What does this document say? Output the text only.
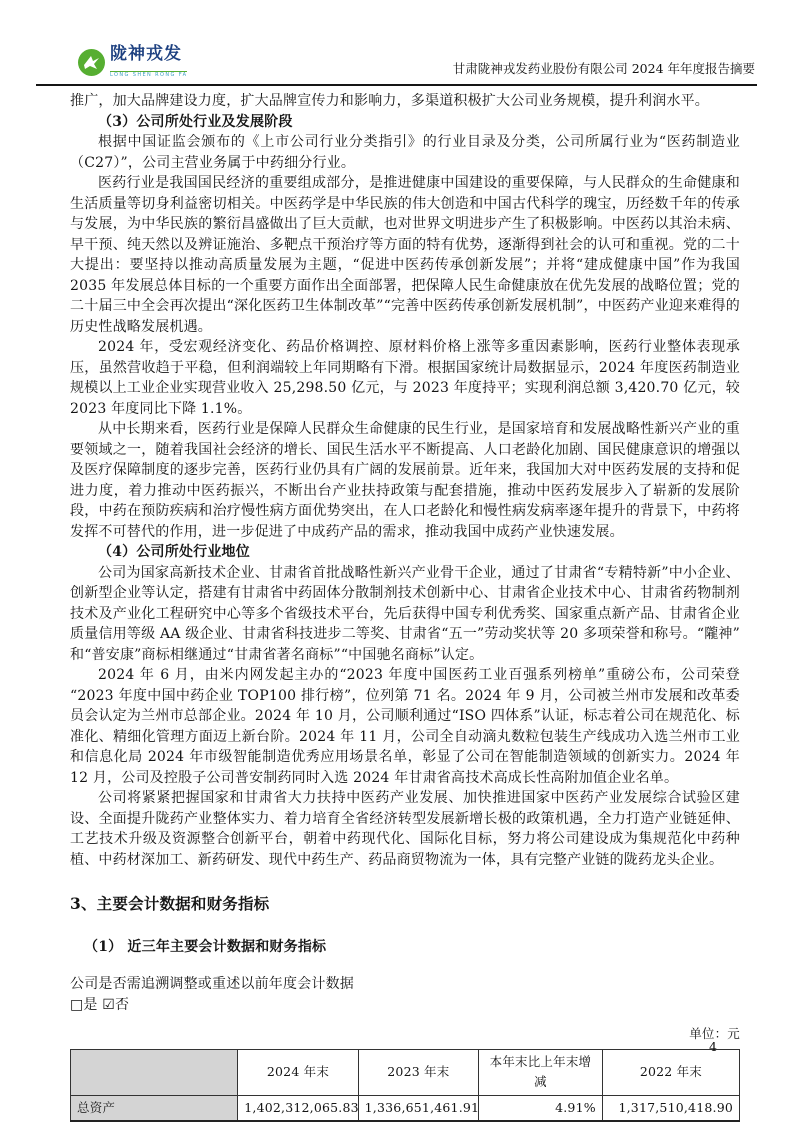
陇神戎发
LONG SHEN RONG FA	甘肃陇神戎发药业股份有限公司 2024 年年度报告摘要

推广，加大品牌建设力度，扩大品牌宣传力和影响力，多渠道积极扩大公司业务规模，提升利润水平。

（3）公司所处行业及发展阶段

根据中国证监会颁布的《上市公司行业分类指引》的行业目录及分类，公司所属行业为“医药制造业（C27）”，公司主营业务属于中药细分行业。

医药行业是我国国民经济的重要组成部分，是推进健康中国建设的重要保障，与人民群众的生命健康和生活质量等切身利益密切相关。中医药学是中华民族的伟大创造和中国古代科学的瑰宝，历经数千年的传承与发展，为中华民族的繁衍昌盛做出了巨大贡献，也对世界文明进步产生了积极影响。中医药以其治未病、早干预、纯天然以及辨证施治、多靶点干预治疗等方面的特有优势，逐渐得到社会的认可和重视。党的二十大提出：要坚持以推动高质量发展为主题，“促进中医药传承创新发展”；并将“建成健康中国”作为我国 2035 年发展总体目标的一个重要方面作出全面部署，把保障人民生命健康放在优先发展的战略位置；党的二十届三中全会再次提出“深化医药卫生体制改革”“完善中医药传承创新发展机制”，中医药产业迎来难得的历史性战略发展机遇。

2024 年，受宏观经济变化、药品价格调控、原材料价格上涨等多重因素影响，医药行业整体表现承压，虽然营收趋于平稳，但利润端较上年同期略有下滑。根据国家统计局数据显示，2024 年度医药制造业规模以上工业企业实现营业收入 25,298.50 亿元，与 2023 年度持平；实现利润总额 3,420.70 亿元，较 2023 年度同比下降 1.1%。

从中长期来看，医药行业是保障人民群众生命健康的民生行业，是国家培育和发展战略性新兴产业的重要领域之一，随着我国社会经济的增长、国民生活水平不断提高、人口老龄化加剧、国民健康意识的增强以及医疗保障制度的逐步完善，医药行业仍具有广阔的发展前景。近年来，我国加大对中医药发展的支持和促进力度，着力推动中医药振兴，不断出台产业扶持政策与配套措施，推动中医药发展步入了崭新的发展阶段，中药在预防疾病和治疗慢性病方面优势突出，在人口老龄化和慢性病发病率逐年提升的背景下，中药将发挥不可替代的作用，进一步促进了中成药产品的需求，推动我国中成药产业快速发展。

（4）公司所处行业地位

公司为国家高新技术企业、甘肃省首批战略性新兴产业骨干企业，通过了甘肃省“专精特新”中小企业、创新型企业等认定，搭建有甘肃省中药固体分散制剂技术创新中心、甘肃省企业技术中心、甘肃省药物制剂技术及产业化工程研究中心等多个省级技术平台，先后获得中国专利优秀奖、国家重点新产品、甘肃省企业质量信用等级 AA 级企业、甘肃省科技进步二等奖、甘肃省“五一”劳动奖状等 20 多项荣誉和称号。“隴神”和“普安康”商标相继通过“甘肃省著名商标”“中国驰名商标”认定。

2024 年 6 月，由米内网发起主办的“2023 年度中国医药工业百强系列榜单”重磅公布，公司荣登“2023 年度中国中药企业 TOP100 排行榜”，位列第 71 名。2024 年 9 月，公司被兰州市发展和改革委员会认定为兰州市总部企业。2024 年 10 月，公司顺利通过“ISO 四体系”认证，标志着公司在规范化、标准化、精细化管理方面迈上新台阶。2024 年 11 月，公司全自动滴丸数粒包装生产线成功入选兰州市工业和信息化局 2024 年市级智能制造优秀应用场景名单，彰显了公司在智能制造领域的创新实力。2024 年 12 月，公司及控股子公司普安制药同时入选 2024 年甘肃省高技术高成长性高附加值企业名单。

公司将紧紧把握国家和甘肃省大力扶持中医药产业发展、加快推进国家中医药产业发展综合试验区建设、全面提升陇药产业整体实力、着力培育全省经济转型发展新增长极的政策机遇，全力打造产业链延伸、工艺技术升级及资源整合创新平台，朝着中药现代化、国际化目标，努力将公司建设成为集规范化中药种植、中药材深加工、新药研发、现代中药生产、药品商贸物流为一体，具有完整产业链的陇药龙头企业。

3、主要会计数据和财务指标

（1） 近三年主要会计数据和财务指标

公司是否需追溯调整或重述以前年度会计数据

□是 ☑否

单位：元

	2024 年末	2023 年末	本年末比上年末增减	2022 年末
总资产	1,402,312,065.83	1,336,651,461.91	4.91%	1,317,510,418.90
4
